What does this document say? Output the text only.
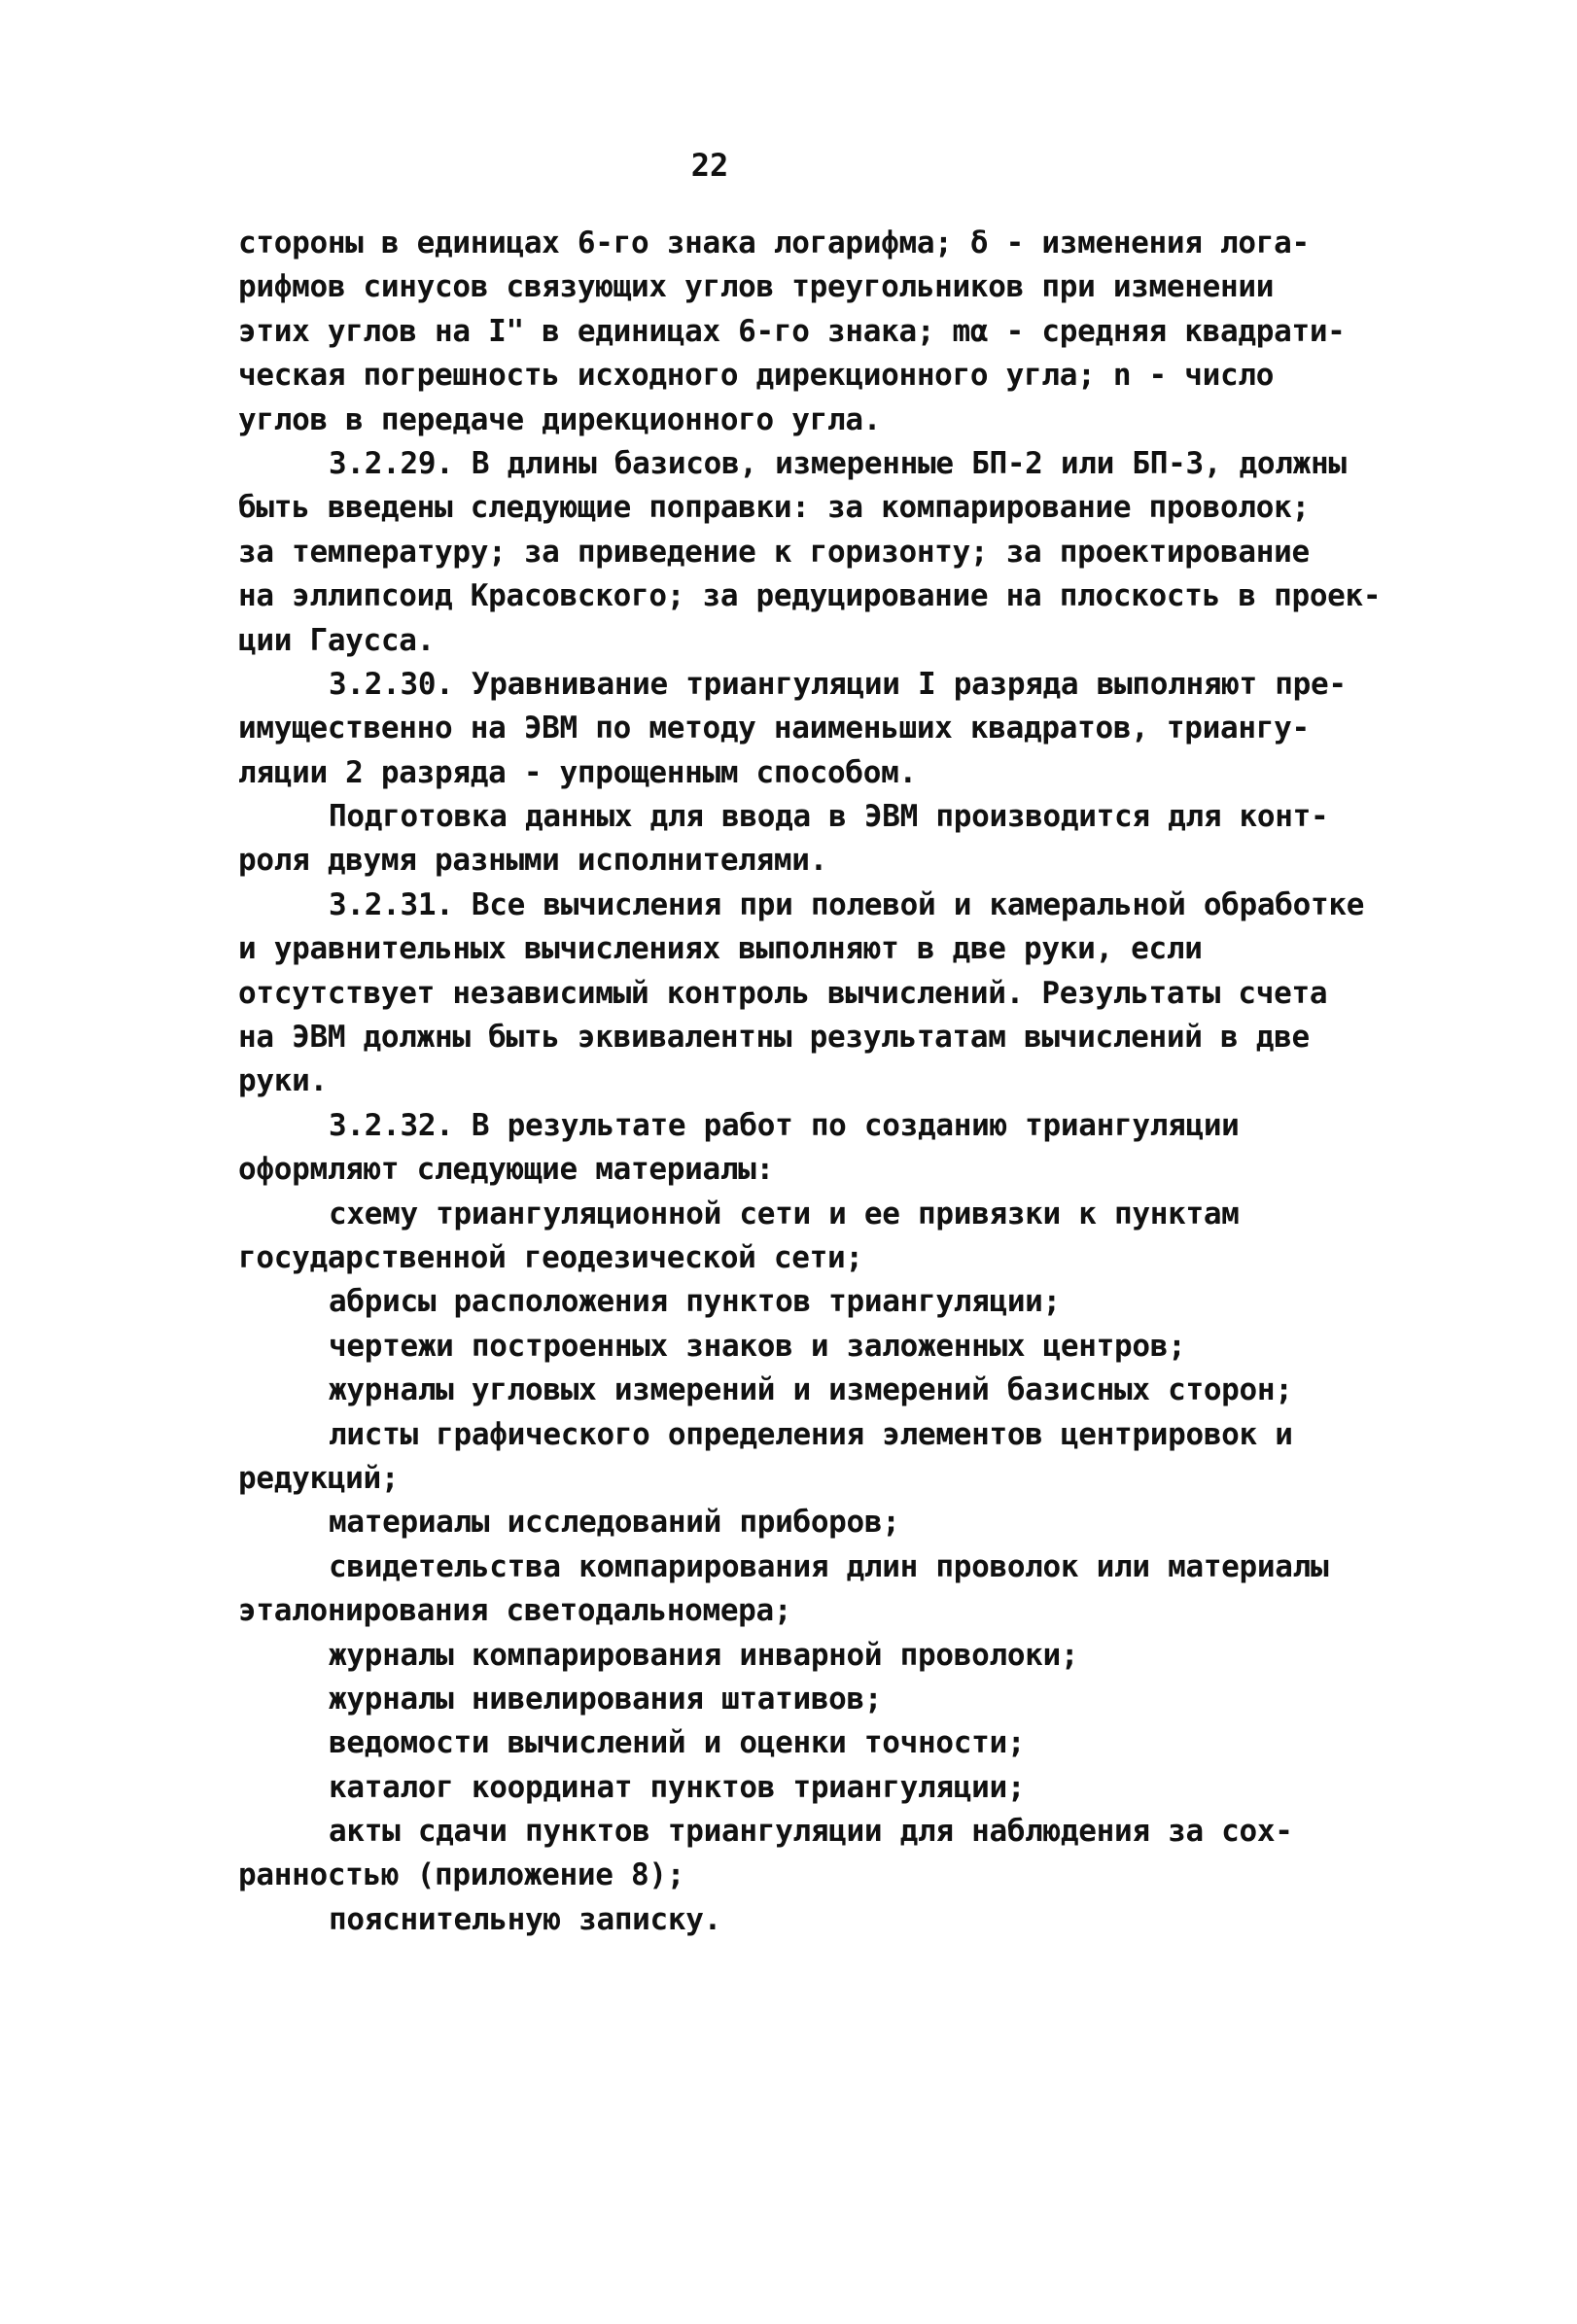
22
стороны в единицах 6-го знака логарифма; δ - изменения лога-
рифмов синусов связующих углов треугольников при изменении
этих углов на I" в единицах 6-го знака; mα - средняя квадрати-
ческая погрешность исходного дирекционного угла; n - число
углов в передаче дирекционного угла.
3.2.29. В длины базисов, измеренные БП-2 или БП-3, должны
быть введены следующие поправки: за компарирование проволок;
за температуру; за приведение к горизонту; за проектирование
на эллипсоид Красовского; за редуцирование на плоскость в проек-
ции Гаусса.
3.2.30. Уравнивание триангуляции I разряда выполняют пре-
имущественно на ЭВМ по методу наименьших квадратов, триангу-
ляции 2 разряда - упрощенным способом.
Подготовка данных для ввода в ЭВМ производится для конт-
роля двумя разными исполнителями.
3.2.31. Все вычисления при полевой и камеральной обработке
и уравнительных вычислениях выполняют в две руки, если
отсутствует независимый контроль вычислений. Результаты счета
на ЭВМ должны быть эквивалентны результатам вычислений в две
руки.
3.2.32. В результате работ по созданию триангуляции
оформляют следующие материалы:
схему триангуляционной сети и ее привязки к пунктам
государственной геодезической сети;
абрисы расположения пунктов триангуляции;
чертежи построенных знаков и заложенных центров;
журналы угловых измерений и измерений базисных сторон;
листы графического определения элементов центрировок и
редукций;
материалы исследований приборов;
свидетельства компарирования длин проволок или материалы
эталонирования светодальномера;
журналы компарирования инварной проволоки;
журналы нивелирования штативов;
ведомости вычислений и оценки точности;
каталог координат пунктов триангуляции;
акты сдачи пунктов триангуляции для наблюдения за сох-
ранностью (приложение 8);
пояснительную записку.
